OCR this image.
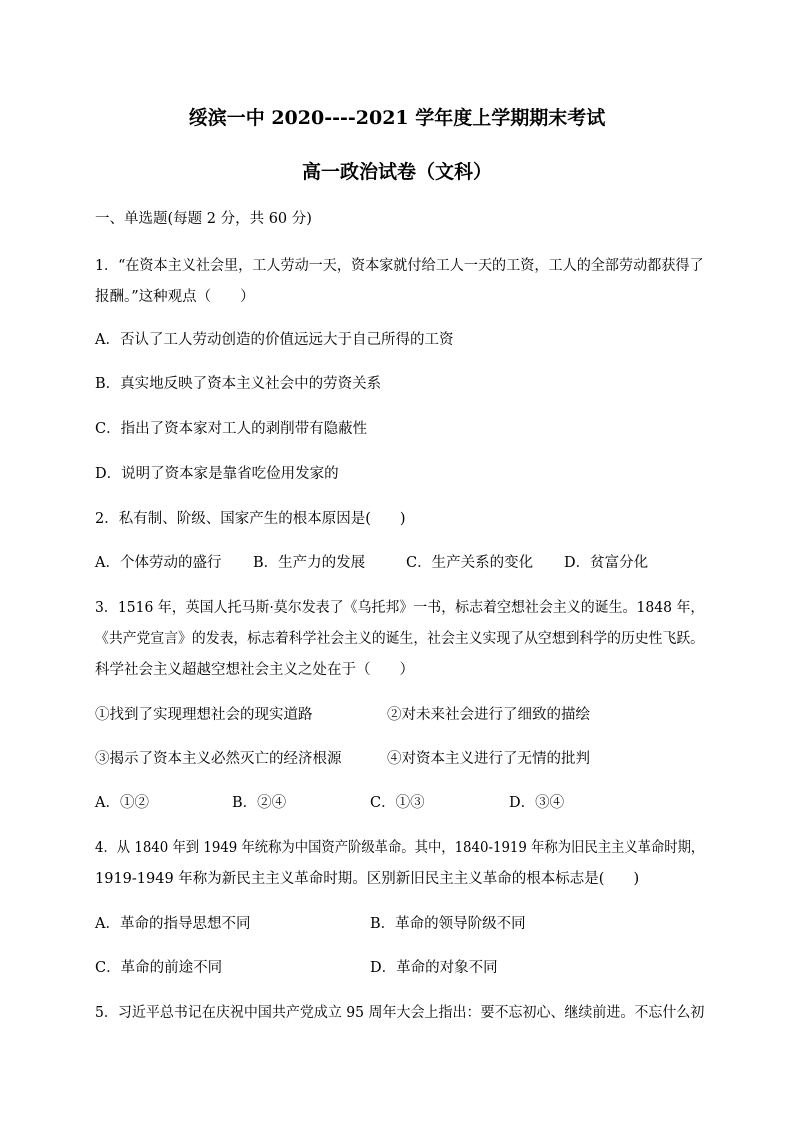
绥滨一中 2020----2021 学年度上学期期末考试
高一政治试卷（文科）
一、单选题(每题 2 分，共 60 分)
1．“在资本主义社会里，工人劳动一天，资本家就付给工人一天的工资，工人的全部劳动都获得了
报酬。”这种观点（　　）
A．否认了工人劳动创造的价值远远大于自己所得的工资
B．真实地反映了资本主义社会中的劳资关系
C．指出了资本家对工人的剥削带有隐蔽性
D．说明了资本家是靠省吃俭用发家的
2．私有制、阶级、国家产生的根本原因是(　　)
A．个体劳动的盛行 B．生产力的发展	C．生产关系的变化 D．贫富分化
3．1516 年，英国人托马斯·莫尔发表了《乌托邦》一书，标志着空想社会主义的诞生。1848 年，
《共产党宣言》的发表，标志着科学社会主义的诞生，社会主义实现了从空想到科学的历史性飞跃。
科学社会主义超越空想社会主义之处在于（　　）
①找到了实现理想社会的现实道路	②对未来社会进行了细致的描绘
③揭示了资本主义必然灭亡的经济根源	④对资本主义进行了无情的批判
A．①②	B．②④	C．①③	D．③④
4．从 1840 年到 1949 年统称为中国资产阶级革命。其中，1840-1919 年称为旧民主主义革命时期，
1919-1949 年称为新民主主义革命时期。区别新旧民主主义革命的根本标志是(　　)
A．革命的指导思想不同	B．革命的领导阶级不同
C．革命的前途不同	D．革命的对象不同
5．习近平总书记在庆祝中国共产党成立 95 周年大会上指出：要不忘初心、继续前进。不忘什么初
